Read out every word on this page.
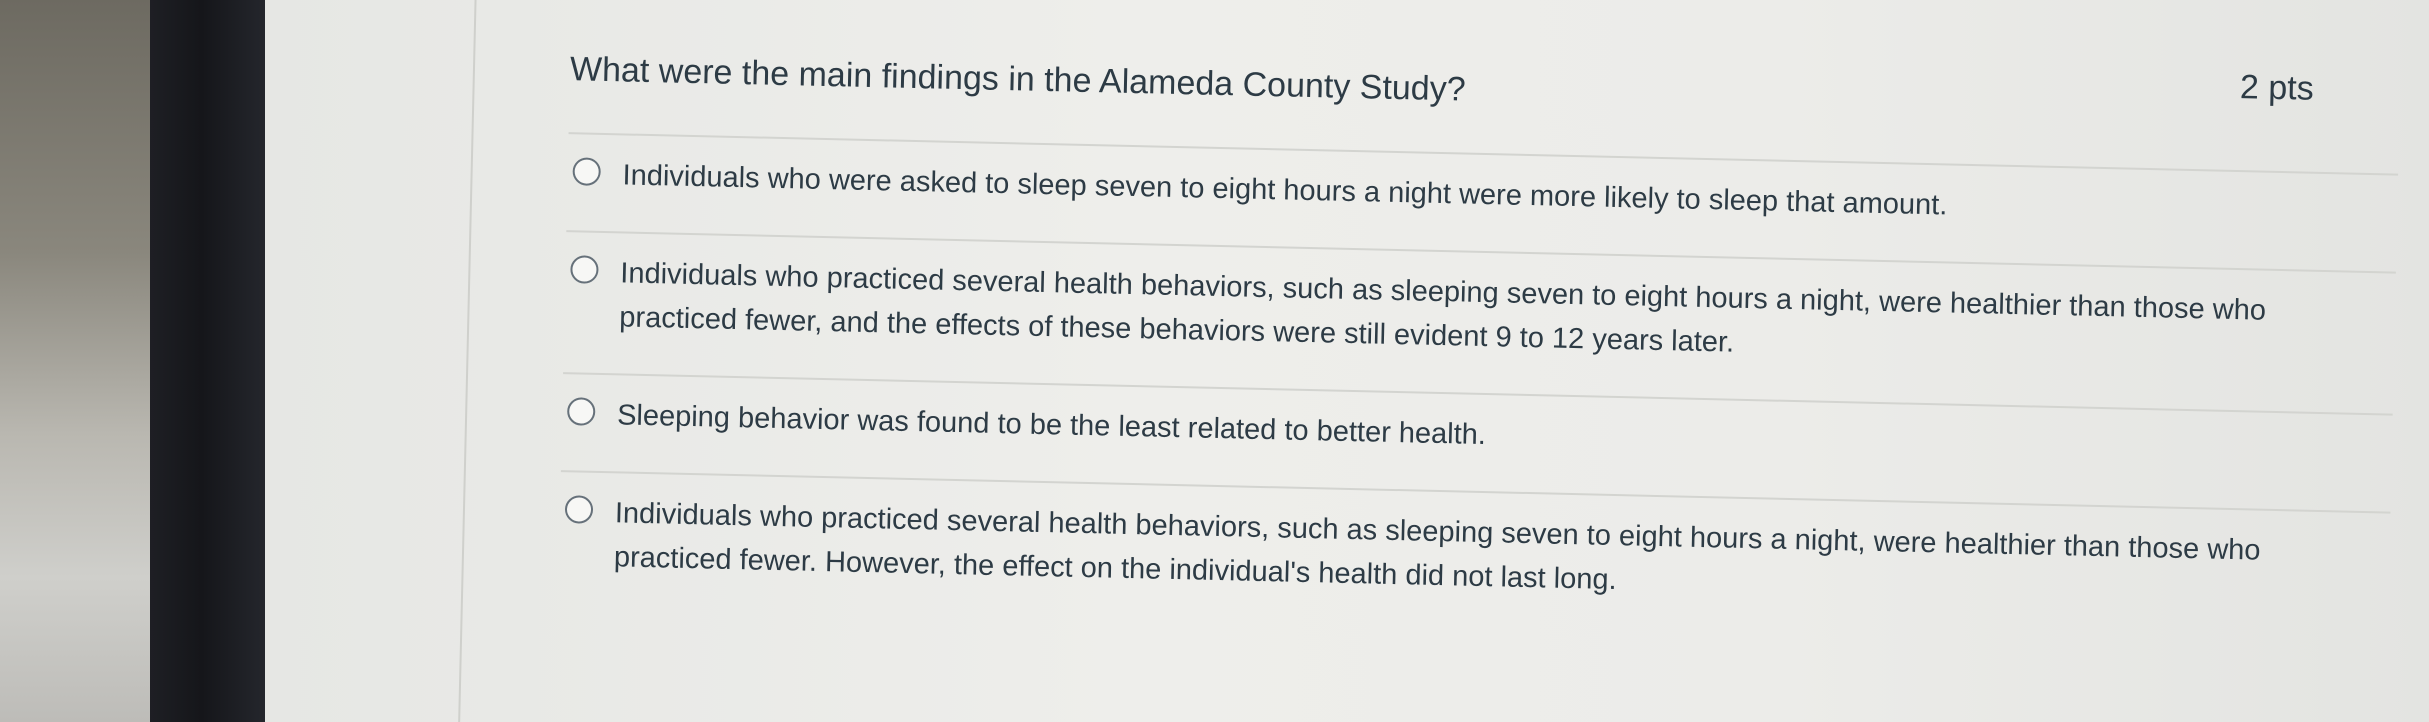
What were the main findings in the Alameda County Study?	2 pts
Individuals who were asked to sleep seven to eight hours a night were more likely to sleep that amount.
Individuals who practiced several health behaviors, such as sleeping seven to eight hours a night, were healthier than those who practiced fewer, and the effects of these behaviors were still evident 9 to 12 years later.
Sleeping behavior was found to be the least related to better health.
Individuals who practiced several health behaviors, such as sleeping seven to eight hours a night, were healthier than those who practiced fewer. However, the effect on the individual's health did not last long.
